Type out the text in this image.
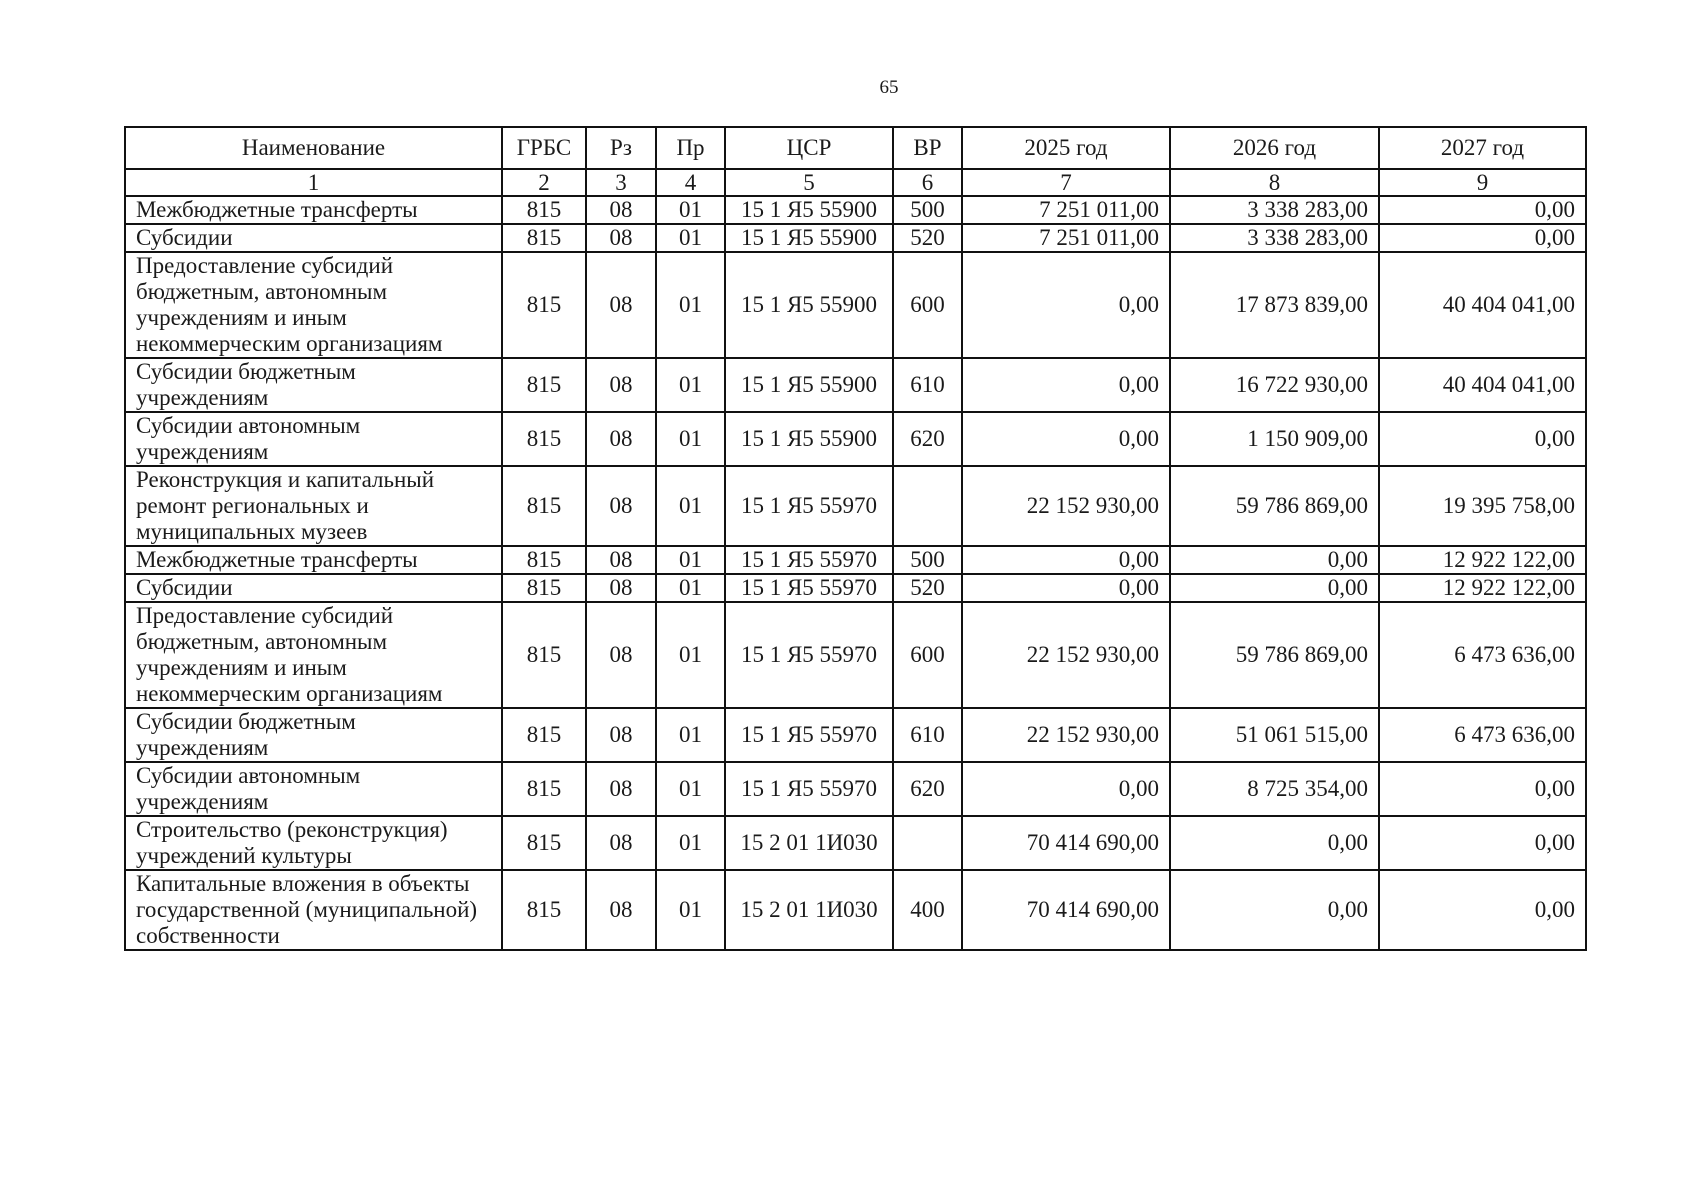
65
Наименование	ГРБС	Рз	Пр	ЦСР	ВР	2025 год	2026 год	2027 год
1	2	3	4	5	6	7	8	9
Межбюджетные трансферты	815	08	01	15 1 Я5 55900	500	7 251 011,00	3 338 283,00	0,00
Субсидии	815	08	01	15 1 Я5 55900	520	7 251 011,00	3 338 283,00	0,00
Предоставление субсидий бюджетным, автономным учреждениям и иным некоммерческим организациям	815	08	01	15 1 Я5 55900	600	0,00	17 873 839,00	40 404 041,00
Субсидии бюджетным учреждениям	815	08	01	15 1 Я5 55900	610	0,00	16 722 930,00	40 404 041,00
Субсидии автономным учреждениям	815	08	01	15 1 Я5 55900	620	0,00	1 150 909,00	0,00
Реконструкция и капитальный ремонт региональных и муниципальных музеев	815	08	01	15 1 Я5 55970		22 152 930,00	59 786 869,00	19 395 758,00
Межбюджетные трансферты	815	08	01	15 1 Я5 55970	500	0,00	0,00	12 922 122,00
Субсидии	815	08	01	15 1 Я5 55970	520	0,00	0,00	12 922 122,00
Предоставление субсидий бюджетным, автономным учреждениям и иным некоммерческим организациям	815	08	01	15 1 Я5 55970	600	22 152 930,00	59 786 869,00	6 473 636,00
Субсидии бюджетным учреждениям	815	08	01	15 1 Я5 55970	610	22 152 930,00	51 061 515,00	6 473 636,00
Субсидии автономным учреждениям	815	08	01	15 1 Я5 55970	620	0,00	8 725 354,00	0,00
Строительство (реконструкция) учреждений культуры	815	08	01	15 2 01 1И030		70 414 690,00	0,00	0,00
Капитальные вложения в объекты государственной (муниципальной) собственности	815	08	01	15 2 01 1И030	400	70 414 690,00	0,00	0,00
